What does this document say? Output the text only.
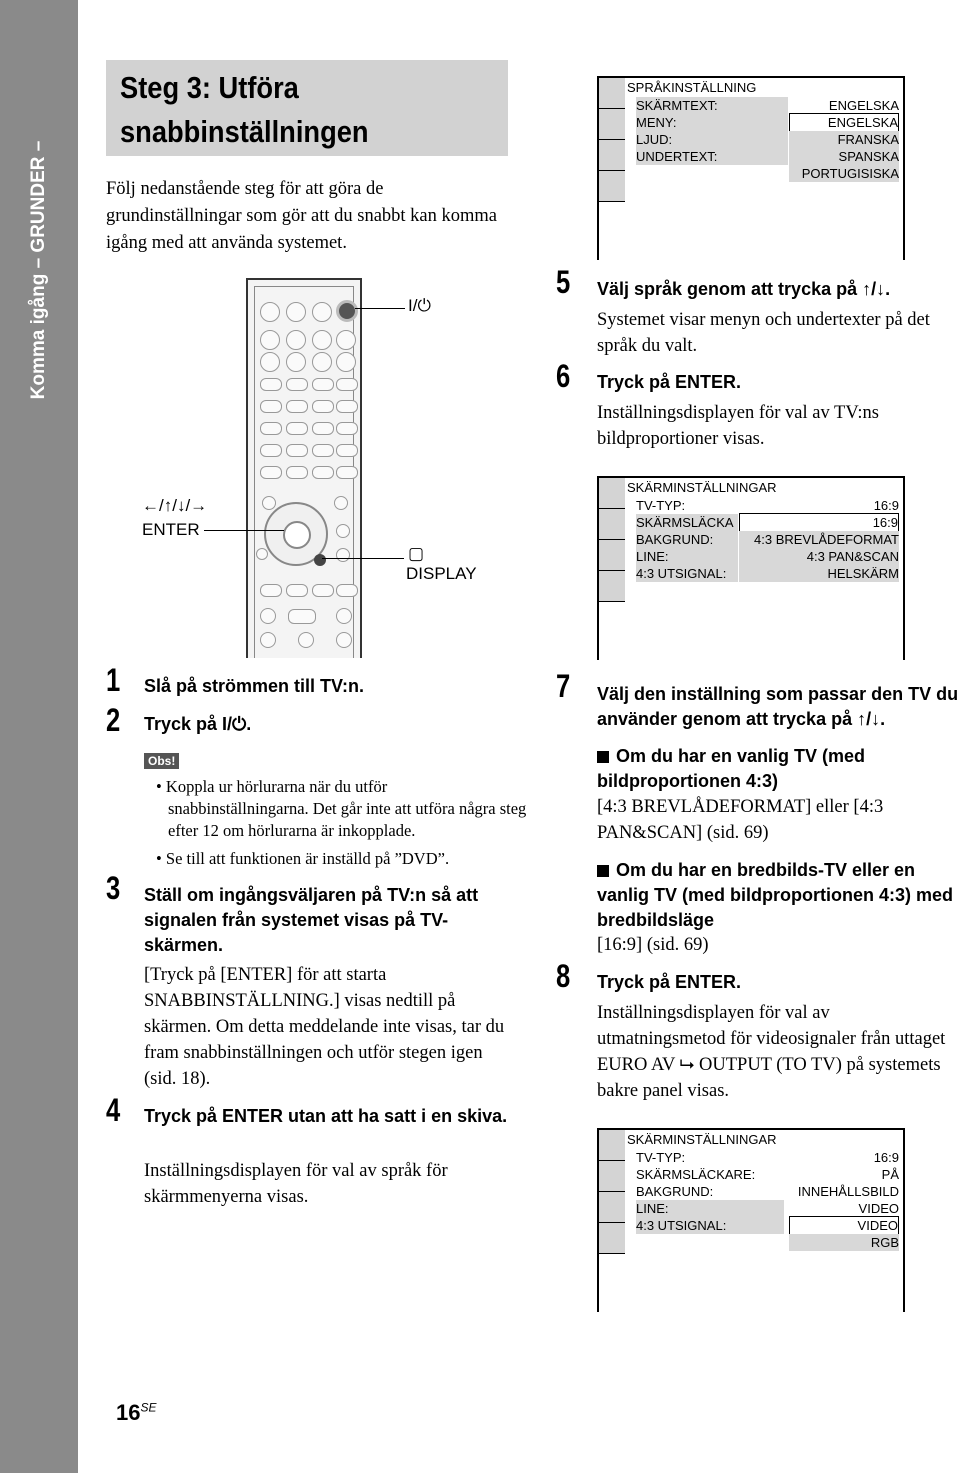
Komma igång – GRUNDER –
Steg 3: Utföra snabbinställningen
Följ nedanstående steg för att göra de grundinställningar som gör att du snabbt kan komma igång med att använda systemet.
I/⏻
←/↑/↓/→
ENTER
▢
DISPLAY
SPRÅKINSTÄLLNING
SKÄRMTEXT:
MENY:
LJUD:
UNDERTEXT:
ENGELSKA
ENGELSKA
FRANSKA
SPANSKA
PORTUGISISKA
SKÄRMINSTÄLLNINGAR
TV-TYP:
SKÄRMSLÄCKA
BAKGRUND:
LINE:
4:3 UTSIGNAL:
16:9
16:9
4:3 BREVLÅDEFORMAT
4:3 PAN&SCAN
HELSKÄRM
SKÄRMINSTÄLLNINGAR
TV-TYP:
SKÄRMSLÄCKARE:
BAKGRUND:
LINE:
4:3 UTSIGNAL:
16:9
PÅ
INNEHÅLLSBILD
VIDEO
VIDEO
RGB
1 Slå på strömmen till TV:n.
2 Tryck på I/⏻.
Obs!
• Koppla ur hörlurarna när du utför snabbinställningarna. Det går inte att utföra några steg efter 12 om hörlurarna är inkopplade.
• Se till att funktionen är inställd på ”DVD”.
3 Ställ om ingångsväljaren på TV:n så att signalen från systemet visas på TV-skärmen.
[Tryck på [ENTER] för att starta SNABBINSTÄLLNING.] visas nedtill på skärmen. Om detta meddelande inte visas, tar du fram snabbinställningen och utför stegen igen (sid. 18).
4 Tryck på ENTER utan att ha satt i en skiva.
Inställningsdisplayen för val av språk för skärmmenyerna visas.
5 Välj språk genom att trycka på ↑/↓.
Systemet visar menyn och undertexter på det språk du valt.
6 Tryck på ENTER.
Inställningsdisplayen för val av TV:ns bildproportioner visas.
7 Välj den inställning som passar den TV du använder genom att trycka på ↑/↓.
Om du har en vanlig TV (med bildproportionen 4:3)
[4:3 BREVLÅDEFORMAT] eller [4:3 PAN&SCAN] (sid. 69)
Om du har en bredbilds-TV eller en vanlig TV (med bildproportionen 4:3) med bredbildsläge
[16:9] (sid. 69)
8 Tryck på ENTER.
Inställningsdisplayen för val av utmatningsmetod för videosignaler från uttaget EURO AV ⮡ OUTPUT (TO TV) på systemets bakre panel visas.
$16^{SE}$
